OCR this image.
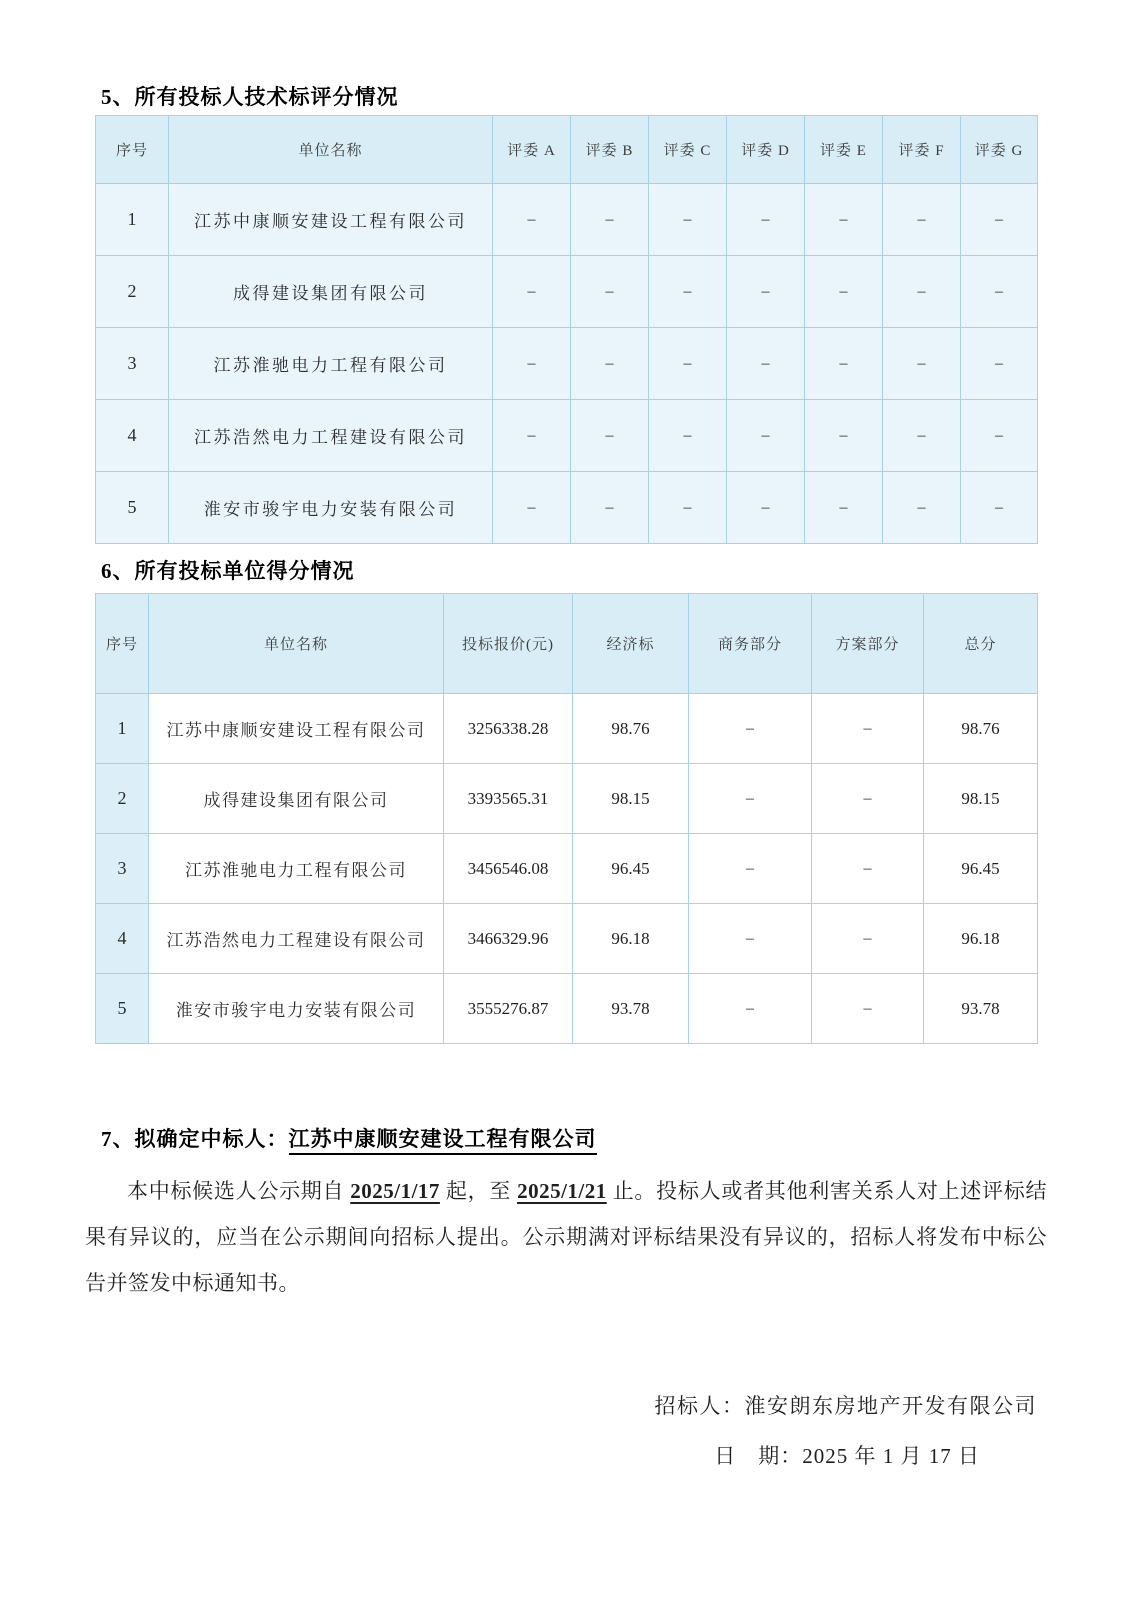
5、所有投标人技术标评分情况
序号	单位名称	评委 A	评委 B	评委 C	评委 D	评委 E	评委 F	评委 G
1	江苏中康顺安建设工程有限公司	–	–	–	–	–	–	–
2	成得建设集团有限公司	–	–	–	–	–	–	–
3	江苏淮驰电力工程有限公司	–	–	–	–	–	–	–
4	江苏浩然电力工程建设有限公司	–	–	–	–	–	–	–
5	淮安市骏宇电力安装有限公司	–	–	–	–	–	–	–
6、所有投标单位得分情况
序号	单位名称	投标报价(元)	经济标	商务部分	方案部分	总分
1	江苏中康顺安建设工程有限公司	3256338.28	98.76	–	–	98.76
2	成得建设集团有限公司	3393565.31	98.15	–	–	98.15
3	江苏淮驰电力工程有限公司	3456546.08	96.45	–	–	96.45
4	江苏浩然电力工程建设有限公司	3466329.96	96.18	–	–	96.18
5	淮安市骏宇电力安装有限公司	3555276.87	93.78	–	–	93.78
7、拟确定中标人：江苏中康顺安建设工程有限公司

本中标候选人公示期自 2025/1/17 起，至 2025/1/21 止。投标人或者其他利害关系人对上述评标结果有异议的，应当在公示期间向招标人提出。公示期满对评标结果没有异议的，招标人将发布中标公告并签发中标通知书。

招标人：淮安朗东房地产开发有限公司
日　期：2025 年 1 月 17 日
